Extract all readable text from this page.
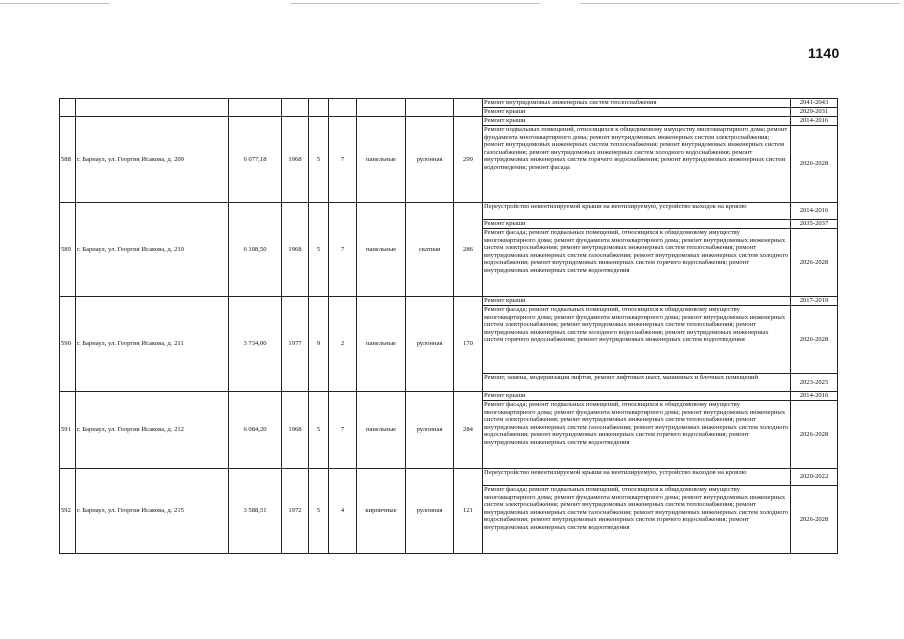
1140
									Ремонт внутридомовых инженерных систем теплоснабжения	2041-2043
									Ремонт крыши	2029-2031
588	г. Барнаул, ул. Георгия Исакова, д. 209	6 077,18	1968	5	7	панельные	рулонная	299	Ремонт крыши	2014-2016
									Ремонт подвальных помещений, относящихся к общедомовому имуществу многоквартирного дома; ремонт фундамента многоквартирного дома; ремонт внутридомовых инженерных систем электроснабжения; ремонт внутридомовых инженерных систем теплоснабжения; ремонт внутридомовых инженерных систем газоснабжения; ремонт внутридомовых инженерных систем холодного водоснабжения; ремонт внутридомовых инженерных систем горячего водоснабжения; ремонт внутридомовых инженерных систем водоотведения; ремонт фасада	2026-2028
589	г. Барнаул, ул. Георгия Исакова, д. 210	6 108,50	1968	5	7	панельные	скатная	286	Переустройство невентилируемой крыши на вентилируемую, устройство выходов на кровлю	2014-2016
									Ремонт крыши	2035-2037
									Ремонт фасада; ремонт подвальных помещений, относящихся к общедомовому имуществу многоквартирного дома; ремонт фундамента многоквартирного дома; ремонт внутридомовых инженерных систем электроснабжения; ремонт внутридомовых инженерных систем теплоснабжения; ремонт внутридомовых инженерных систем газоснабжения; ремонт внутридомовых инженерных систем холодного водоснабжения; ремонт внутридомовых инженерных систем горячего водоснабжения; ремонт внутридомовых инженерных систем водоотведения	2026-2028
590	г. Барнаул, ул. Георгия Исакова, д. 211	3 734,00	1977	9	2	панельные	рулонная	170	Ремонт крыши	2017-2019
									Ремонт фасада; ремонт подвальных помещений, относящихся к общедомовому имуществу многоквартирного дома; ремонт фундамента многоквартирного дома; ремонт внутридомовых инженерных систем электроснабжения; ремонт внутридомовых инженерных систем теплоснабжения; ремонт внутридомовых инженерных систем холодного водоснабжения; ремонт внутридомовых инженерных систем горячего водоснабжения; ремонт внутридомовых инженерных систем водоотведения	2026-2028
									Ремонт, замена, модернизация лифтов, ремонт лифтовых шахт, машинных и блочных помещений	2023-2025
591	г. Барнаул, ул. Георгия Исакова, д. 212	6 084,20	1968	5	7	панельные	рулонная	284	Ремонт крыши	2014-2016
									Ремонт фасада; ремонт подвальных помещений, относящихся к общедомовому имуществу многоквартирного дома; ремонт фундамента многоквартирного дома; ремонт внутридомовых инженерных систем электроснабжения; ремонт внутридомовых инженерных систем теплоснабжения; ремонт внутридомовых инженерных систем газоснабжения; ремонт внутридомовых инженерных систем холодного водоснабжения; ремонт внутридомовых инженерных систем горячего водоснабжения; ремонт внутридомовых инженерных систем водоотведения	2026-2028
592	г. Барнаул, ул. Георгия Исакова, д. 215	3 588,51	1972	5	4	кирпичные	рулонная	121	Переустройство невентилируемой крыши на вентилируемую, устройство выходов на кровлю	2020-2022
									Ремонт фасада; ремонт подвальных помещений, относящихся к общедомовому имуществу многоквартирного дома; ремонт фундамента многоквартирного дома; ремонт внутридомовых инженерных систем электроснабжения; ремонт внутридомовых инженерных систем теплоснабжения; ремонт внутридомовых инженерных систем газоснабжения; ремонт внутридомовых инженерных систем холодного водоснабжения; ремонт внутридомовых инженерных систем горячего водоснабжения; ремонт внутридомовых инженерных систем водоотведения	2026-2028
